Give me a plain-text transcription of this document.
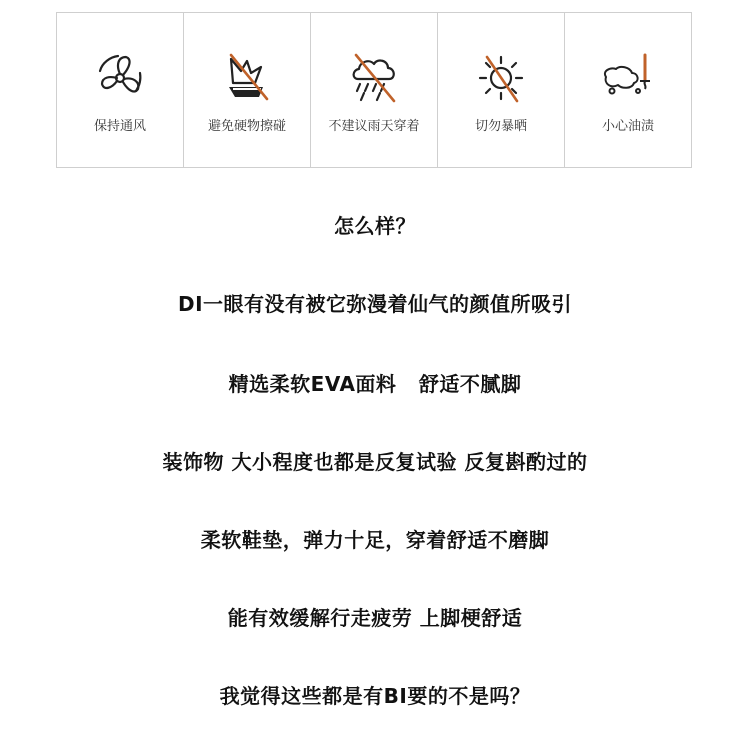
保持通风	避免硬物擦碰	不建议雨天穿着	切勿暴晒	小心油渍
怎么样？
DI一眼有没有被它弥漫着仙气的颜值所吸引
精选柔软EVA面料   舒适不腻脚
装饰物 大小程度也都是反复试验 反复斟酌过的
柔软鞋垫，弹力十足，穿着舒适不磨脚
能有效缓解行走疲劳 上脚梗舒适
我觉得这些都是有BI要的不是吗？
